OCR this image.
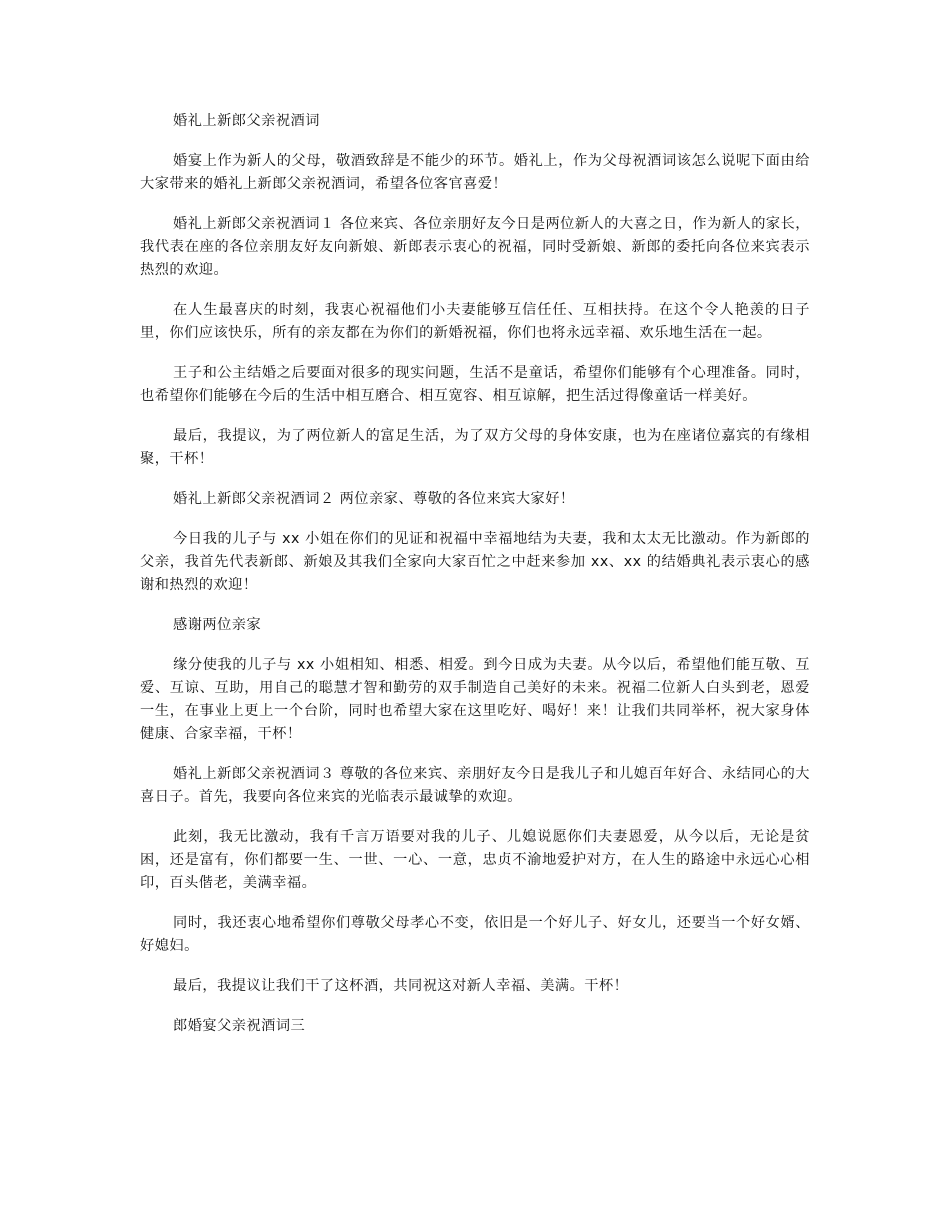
婚礼上新郎父亲祝酒词

婚宴上作为新人的父母，敬酒致辞是不能少的环节。婚礼上，作为父母祝酒词该怎么说呢下面由给大家带来的婚礼上新郎父亲祝酒词，希望各位客官喜爱！

婚礼上新郎父亲祝酒词１ 各位来宾、各位亲朋好友今日是两位新人的大喜之日，作为新人的家长，我代表在座的各位亲朋友好友向新娘、新郎表示衷心的祝福，同时受新娘、新郎的委托向各位来宾表示热烈的欢迎。

在人生最喜庆的时刻，我衷心祝福他们小夫妻能够互信任任、互相扶持。在这个令人艳羡的日子里，你们应该快乐，所有的亲友都在为你们的新婚祝福，你们也将永远幸福、欢乐地生活在一起。

王子和公主结婚之后要面对很多的现实问题，生活不是童话，希望你们能够有个心理准备。同时，也希望你们能够在今后的生活中相互磨合、相互宽容、相互谅解，把生活过得像童话一样美好。

最后，我提议，为了两位新人的富足生活，为了双方父母的身体安康，也为在座诸位嘉宾的有缘相聚，干杯！

婚礼上新郎父亲祝酒词２ 两位亲家、尊敬的各位来宾大家好！

今日我的儿子与 xx 小姐在你们的见证和祝福中幸福地结为夫妻，我和太太无比激动。作为新郎的父亲，我首先代表新郎、新娘及其我们全家向大家百忙之中赶来参加 xx、xx 的结婚典礼表示衷心的感谢和热烈的欢迎！

感谢两位亲家

缘分使我的儿子与 xx 小姐相知、相悉、相爱。到今日成为夫妻。从今以后，希望他们能互敬、互爱、互谅、互助，用自己的聪慧才智和勤劳的双手制造自己美好的未来。祝福二位新人白头到老，恩爱一生，在事业上更上一个台阶，同时也希望大家在这里吃好、喝好！来！让我们共同举杯，祝大家身体健康、合家幸福，干杯！

婚礼上新郎父亲祝酒词３ 尊敬的各位来宾、亲朋好友今日是我儿子和儿媳百年好合、永结同心的大喜日子。首先，我要向各位来宾的光临表示最诚挚的欢迎。

此刻，我无比激动，我有千言万语要对我的儿子、儿媳说愿你们夫妻恩爱，从今以后，无论是贫困，还是富有，你们都要一生、一世、一心、一意，忠贞不渝地爱护对方，在人生的路途中永远心心相印，百头偕老，美满幸福。

同时，我还衷心地希望你们尊敬父母孝心不变，依旧是一个好儿子、好女儿，还要当一个好女婿、好媳妇。

最后，我提议让我们干了这杯酒，共同祝这对新人幸福、美满。干杯！

郎婚宴父亲祝酒词三
